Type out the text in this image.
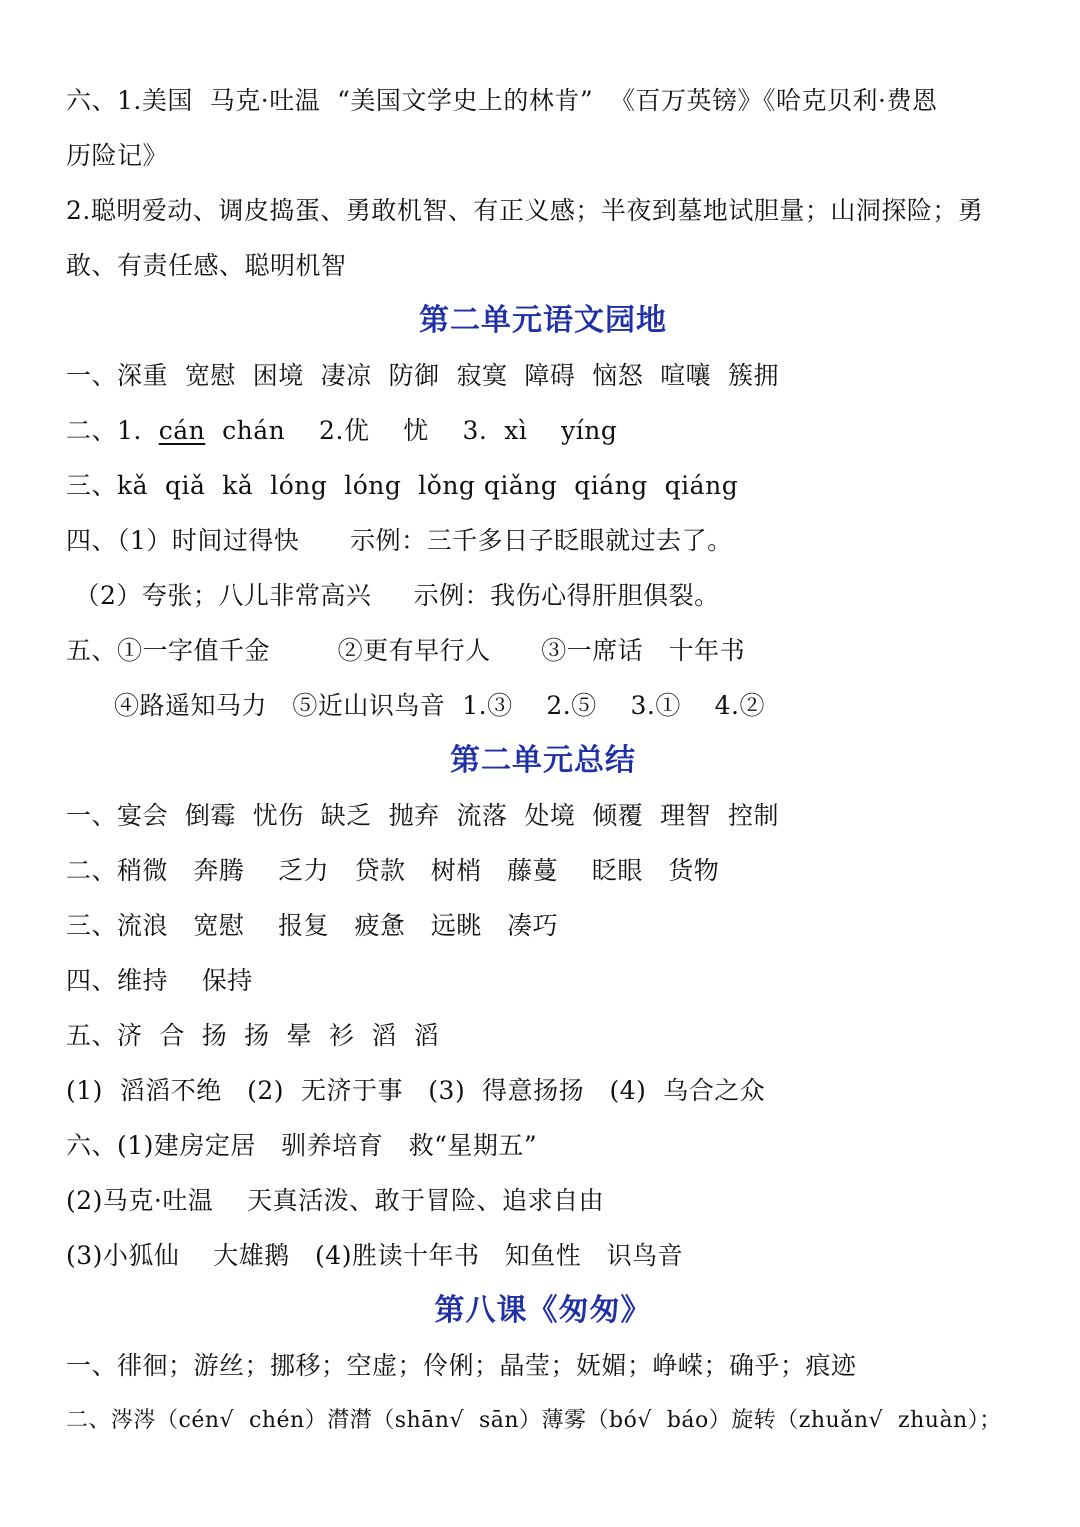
六、1.美国  马克·吐温  “美国文学史上的林肯”  《百万英镑》《哈克贝利·费恩
历险记》
2.聪明爱动、调皮捣蛋、勇敢机智、有正义感；半夜到墓地试胆量；山洞探险；勇
敢、有责任感、聪明机智
第二单元语文园地
一、深重  宽慰  困境  凄凉  防御  寂寞  障碍  恼怒  喧嚷  簇拥
二、1.  cán  chán    2.优    忧    3.  xì    yíng
三、kǎ  qiǎ  kǎ  lóng  lóng  lǒng qiǎng  qiáng  qiáng
四、（1）时间过得快      示例：三千多日子眨眼就过去了。
（2）夸张；八儿非常高兴     示例：我伤心得肝胆俱裂。
五、①一字值千金        ②更有早行人      ③一席话   十年书
④路遥知马力   ⑤近山识鸟音  1.③    2.⑤    3.①    4.②
第二单元总结
一、宴会  倒霉  忧伤  缺乏  抛弃  流落  处境  倾覆  理智  控制
二、稍微   奔腾    乏力   贷款   树梢   藤蔓    眨眼   货物
三、流浪   宽慰    报复   疲惫   远眺   凑巧
四、维持    保持
五、济  合  扬  扬  晕  衫  滔  滔
(1)  滔滔不绝   (2)  无济于事   (3)  得意扬扬   (4)  乌合之众
六、(1)建房定居   驯养培育   救“星期五”
(2)马克·吐温    天真活泼、敢于冒险、追求自由
(3)小狐仙    大雄鹅   (4)胜读十年书   知鱼性   识鸟音
第八课《匆匆》
一、徘徊；游丝；挪移；空虚；伶俐；晶莹；妩媚；峥嵘；确乎；痕迹
二、涔涔（cén√  chén）潸潸（shān√  sān）薄雾（bó√  báo）旋转（zhuǎn√  zhuàn）；
